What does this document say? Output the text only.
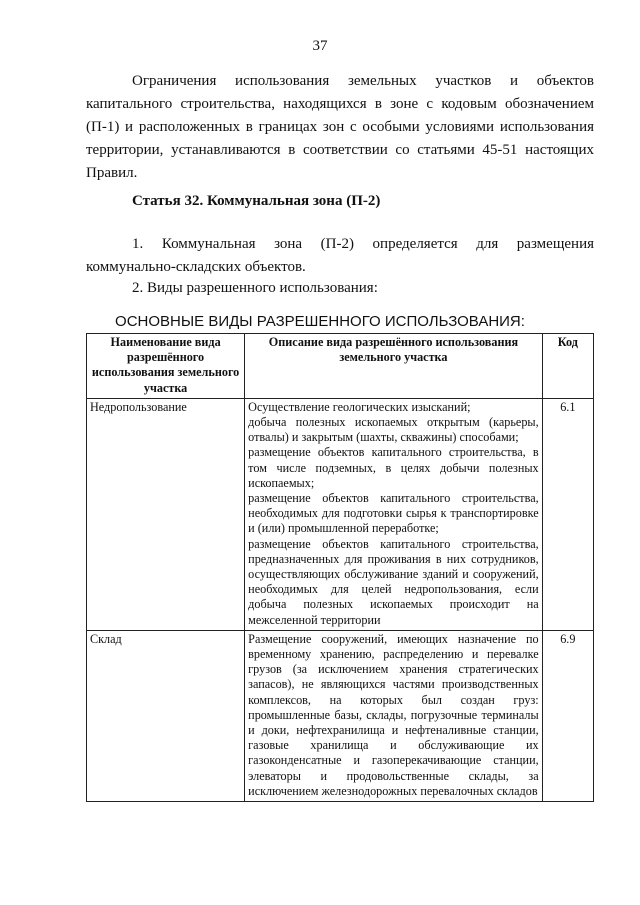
37

Ограничения использования земельных участков и объектов капитального строительства, находящихся в зоне с кодовым обозначением (П-1) и расположенных в границах зон с особыми условиями использования территории, устанавливаются в соответствии со статьями 45-51 настоящих Правил.

Статья 32. Коммунальная зона (П-2)

1. Коммунальная зона (П-2) определяется для размещения коммунально-складских объектов.

2. Виды разрешенного использования:

ОСНОВНЫЕ ВИДЫ РАЗРЕШЕННОГО ИСПОЛЬЗОВАНИЯ:
Наименование вида разрешённого использования земельного участка	Описание вида разрешённого использования земельного участка	Код
Недропользование	Осуществление геологических изысканий;
добыча полезных ископаемых открытым (карьеры, отвалы) и закрытым (шахты, скважины) способами;
размещение объектов капитального строительства, в том числе подземных, в целях добычи полезных ископаемых;
размещение объектов капитального строительства, необходимых для подготовки сырья к транспортировке и (или) промышленной переработке;
размещение объектов капитального строительства, предназначенных для проживания в них сотрудников, осуществляющих обслуживание зданий и сооружений, необходимых для целей недропользования, если добыча полезных ископаемых происходит на межселенной территории	6.1
Склад	Размещение сооружений, имеющих назначение по временному хранению, распределению и перевалке грузов (за исключением хранения стратегических запасов), не являющихся частями производственных комплексов, на которых был создан груз: промышленные базы, склады, погрузочные терминалы и доки, нефтехранилища и нефтеналивные станции, газовые хранилища и обслуживающие их газоконденсатные и газоперекачивающие станции, элеваторы и продовольственные склады, за исключением железнодорожных перевалочных складов	6.9
